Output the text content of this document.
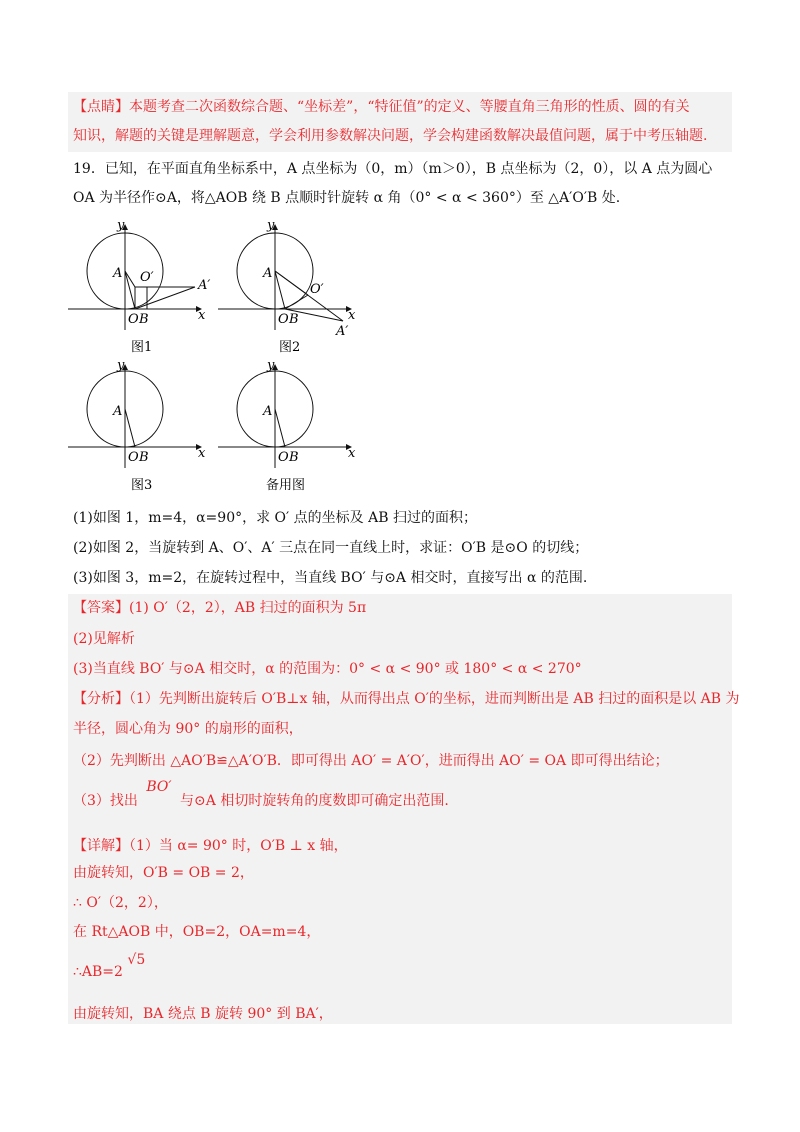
【点睛】本题考查二次函数综合题、“坐标差”，“特征值”的定义、等腰直角三角形的性质、圆的有关
知识，解题的关键是理解题意，学会利用参数解决问题，学会构建函数解决最值问题，属于中考压轴题.
19．已知，在平面直角坐标系中，A 点坐标为（0，m）（m＞0），B 点坐标为（2，0），以 A 点为圆心
OA 为半径作⊙A，将△AOB 绕 B 点顺时针旋转 α 角（0° < α < 360°）至 △A′O′B 处.
y
x
A
O B
O′
A′
图1
y
x
A
O B
O′
A′
图2
y
x
A
O B
图3
y
x
A
O B
备用图
(1)如图 1，m=4，α=90°，求 O′ 点的坐标及 AB 扫过的面积；
(2)如图 2，当旋转到 A、O′、A′ 三点在同一直线上时，求证：O′B 是⊙O 的切线；
(3)如图 3，m=2，在旋转过程中，当直线 BO′ 与⊙A 相交时，直接写出 α 的范围.
【答案】(1) O′（2，2），AB 扫过的面积为 5π
(2)见解析
(3)当直线 BO′ 与⊙A 相交时，α 的范围为：0° < α < 90° 或 180° < α < 270°
【分析】（1）先判断出旋转后 O′B⊥x 轴，从而得出点 O′的坐标，进而判断出是 AB 扫过的面积是以 AB 为
半径，圆心角为 90° 的扇形的面积，
（2）先判断出 △AO′B≌△A′O′B．即可得出 AO′ = A′O′，进而得出 AO′ = OA 即可得出结论；
（3）找出 BO′ 与⊙A 相切时旋转角的度数即可确定出范围.
【详解】（1）当 α= 90° 时，O′B ⊥ x 轴，
由旋转知，O′B = OB = 2，
∴ O′（2，2），
在 Rt△AOB 中，OB=2，OA=m=4，
∴AB=2 √5
由旋转知，BA 绕点 B 旋转 90° 到 BA′，
